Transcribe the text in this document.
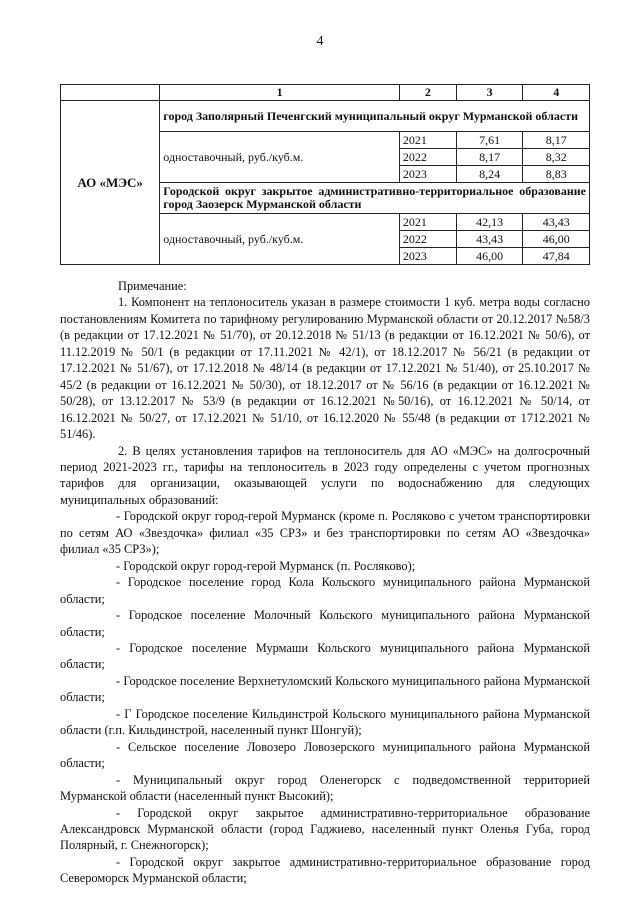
4
	1	2	3	4
АО «МЭС»	город Заполярный Печенгский муниципальный округ Мурманской области			
	одноставочный, руб./куб.м.	2021	7,61	8,17
		2022	8,17	8,32
		2023	8,24	8,83
	Городской округ закрытое административно-территориальное образование город Заозерск Мурманской области			
	одноставочный, руб./куб.м.	2021	42,13	43,43
		2022	43,43	46,00
		2023	46,00	47,84

Примечание:

1. Компонент на теплоноситель указан в размере стоимости 1 куб. метра воды согласно постановлениям Комитета по тарифному регулированию Мурманской области от 20.12.2017 №58/3 (в редакции от 17.12.2021 № 51/70), от 20.12.2018 № 51/13 (в редакции от 16.12.2021 № 50/6), от 11.12.2019 № 50/1 (в редакции от 17.11.2021 № 42/1), от 18.12.2017 № 56/21 (в редакции от 17.12.2021 № 51/67), от 17.12.2018 № 48/14 (в редакции от 17.12.2021 № 51/40), от 25.10.2017 № 45/2 (в редакции от 16.12.2021 № 50/30), от 18.12.2017 от № 56/16 (в редакции от 16.12.2021 № 50/28), от 13.12.2017 № 53/9 (в редакции от 16.12.2021 №50/16), от 16.12.2021 № 50/14, от 16.12.2021 № 50/27, от 17.12.2021 № 51/10, от 16.12.2020 № 55/48 (в редакции от 1712.2021 № 51/46).

2. В целях установления тарифов на теплоноситель для АО «МЭС» на долгосрочный период 2021-2023 гг., тарифы на теплоноситель в 2023 году определены с учетом прогнозных тарифов для организации, оказывающей услуги по водоснабжению для следующих муниципальных образований:

- Городской округ город-герой Мурманск (кроме п. Росляково с учетом транспортировки по сетям АО «Звездочка» филиал «35 СРЗ» и без транспортировки по сетям АО «Звездочка» филиал «35 СРЗ»);

- Городской округ город-герой Мурманск (п. Росляково);

- Городское поселение город Кола Кольского муниципального района Мурманской области;

- Городское поселение Молочный Кольского муниципального района Мурманской области;

- Городское поселение Мурмаши Кольского муниципального района Мурманской области;

- Городское поселение Верхнетуломский Кольского муниципального района Мурманской области;

- Г Городское поселение Кильдинстрой Кольского муниципального района Мурманской области (г.п. Кильдинстрой, населенный пункт Шонгуй);

- Сельское поселение Ловозеро Ловозерского муниципального района Мурманской области;

- Муниципальный округ город Оленегорск с подведомственной территорией Мурманской области (населенный пункт Высокий);

- Городской округ закрытое административно-территориальное образование Александровск Мурманской области (город Гаджиево, населенный пункт Оленья Губа, город Полярный, г. Снежногорск);

- Городской округ закрытое административно-территориальное образование город Североморск Мурманской области;
